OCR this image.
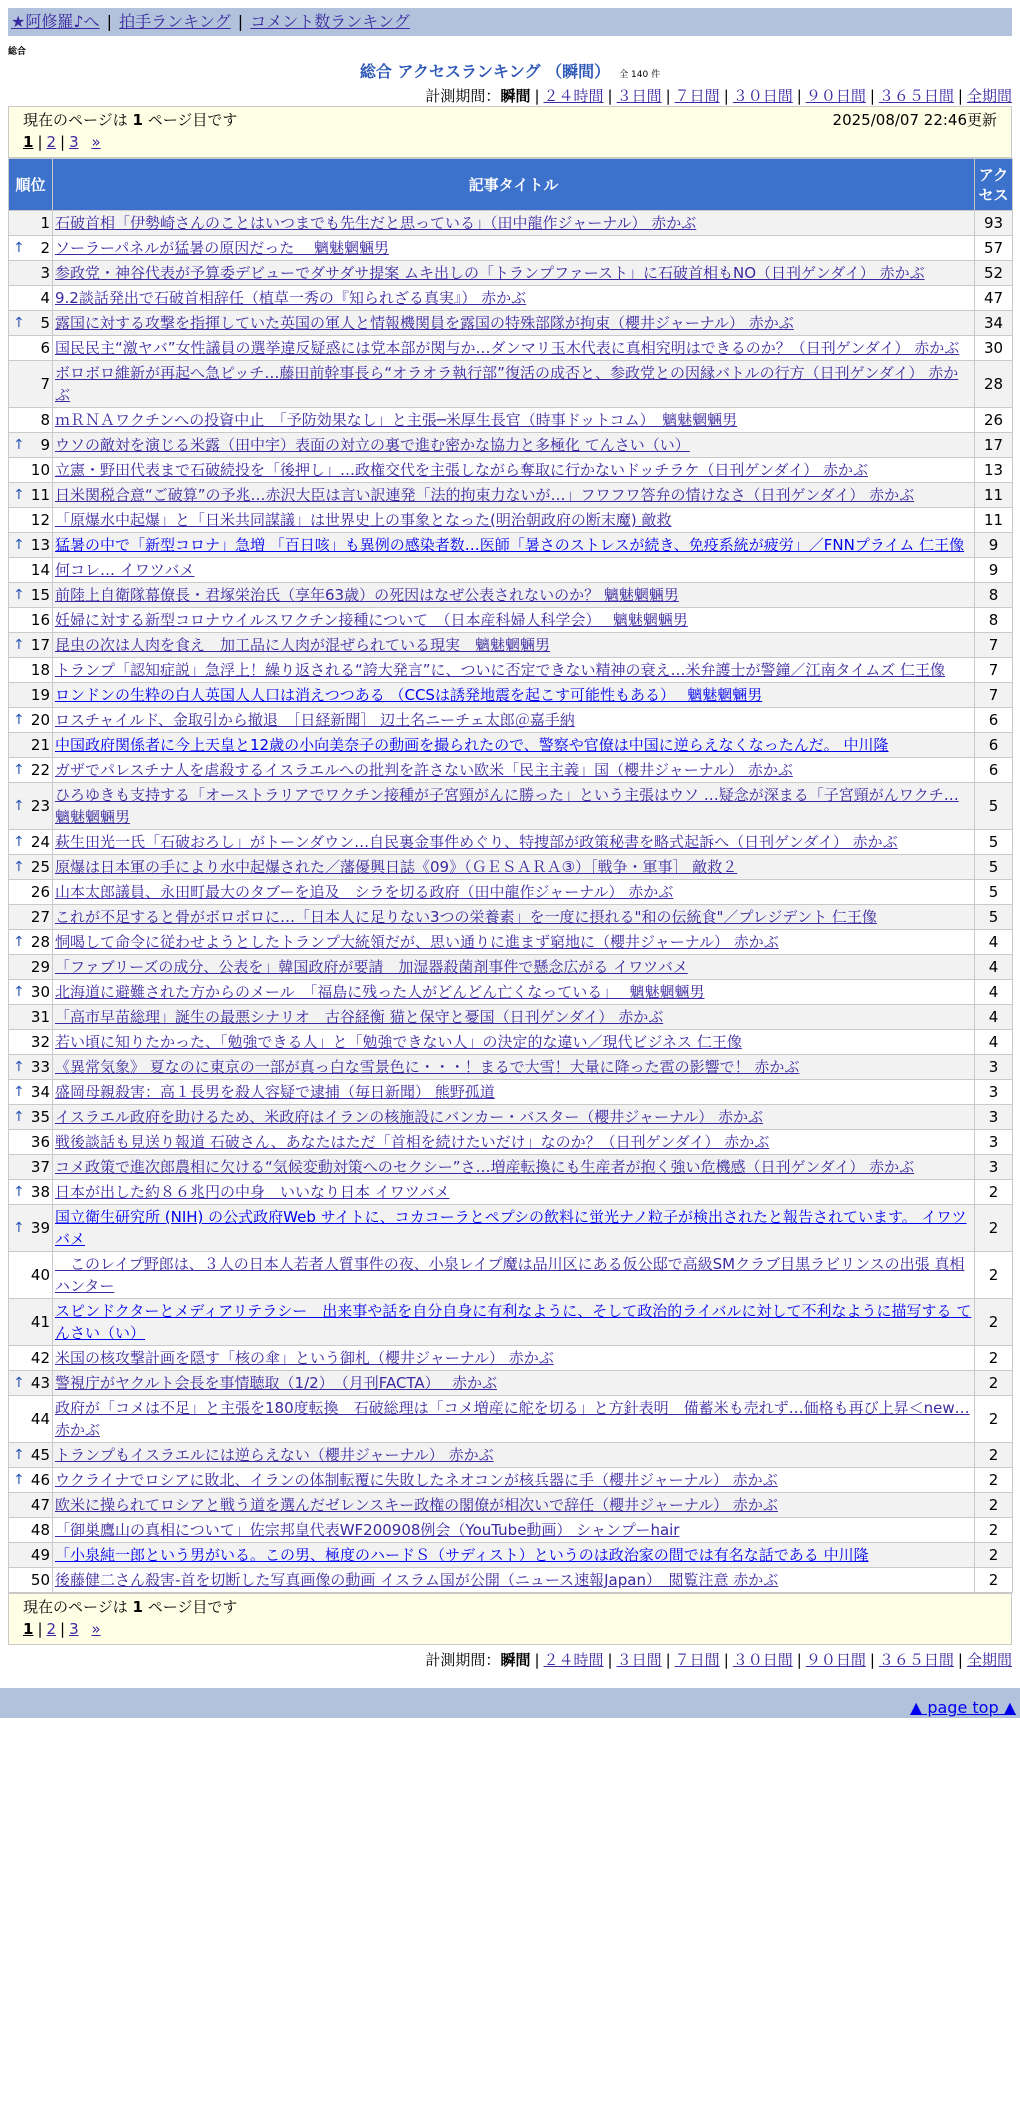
★阿修羅♪へ | 拍手ランキング | コメント数ランキング
総合
総合 アクセスランキング （瞬間） 全 140 件
計測期間：瞬間 | ２４時間 | ３日間 | ７日間 | ３０日間 | ９０日間 | ３６５日間 | 全期間
現在のページは 1 ページ目です	2025/08/07 22:46更新
1 | 2 | 3 »
順位	記事タイトル	アクセス
1	石破首相「伊勢崎さんのことはいつまでも先生だと思っている」（田中龍作ジャーナル） 赤かぶ	93

↑ 2	ソーラーパネルが猛暑の原因だった　 魑魅魍魎男	57
3	参政党・神谷代表が予算委デビューでダサダサ提案 ムキ出しの「トランプファースト」に石破首相もNO（日刊ゲンダイ） 赤かぶ	52
4	9.2談話発出で石破首相辞任（植草一秀の『知られざる真実』） 赤かぶ	47

↑ 5	露国に対する攻撃を指揮していた英国の軍人と情報機関員を露国の特殊部隊が拘束（櫻井ジャーナル） 赤かぶ	34
6	国民民主“激ヤバ”女性議員の選挙違反疑惑には党本部が関与か…ダンマリ玉木代表に真相究明はできるのか？（日刊ゲンダイ） 赤かぶ	30
7	ボロボロ維新が再起へ急ピッチ…藤田前幹事長ら“オラオラ執行部”復活の成否と、参政党との因縁バトルの行方（日刊ゲンダイ） 赤かぶ	28
8	ｍＲＮＡワクチンへの投資中止　「予防効果なし」と主張─米厚生長官（時事ドットコム）　魑魅魍魎男	26

↑ 9	ウソの敵対を演じる米露（田中宇）表面の対立の裏で進む密かな協力と多極化 てんさい（い）	17
10	立憲・野田代表まで石破続投を「後押し」…政権交代を主張しながら奪取に行かないドッチラケ（日刊ゲンダイ） 赤かぶ	13

↑ 11	日米関税合意“ご破算”の予兆…赤沢大臣は言い訳連発「法的拘束力ないが…」フワフワ答弁の情けなさ（日刊ゲンダイ） 赤かぶ	11
12	「原爆水中起爆」と「日米共同謀議」は世界史上の事象となった(明治朝政府の断末魔) 敵救	11

↑ 13	猛暑の中で「新型コロナ」急増 「百日咳」も異例の感染者数…医師「暑さのストレスが続き、免疫系統が疲労」／FNNプライム 仁王像	9
14	何コレ… イワツバメ	9

↑ 15	前陸上自衛隊幕僚長・君塚栄治氏（享年63歳）の死因はなぜ公表されないのか？ 魑魅魍魎男	8
16	妊婦に対する新型コロナウイルスワクチン接種について　（日本産科婦人科学会）　 魑魅魍魎男	8

↑ 17	昆虫の次は人肉を食え　加工品に人肉が混ぜられている現実　魑魅魍魎男	7
18	トランプ「認知症説」急浮上！繰り返される“誇大発言”に、ついに否定できない精神の衰え…米弁護士が警鐘／江南タイムズ 仁王像	7
19	ロンドンの生粋の白人英国人人口は消えつつある （CCSは誘発地震を起こす可能性もある）　 魑魅魍魎男	7

↑ 20	ロスチャイルド、金取引から撤退　［日経新聞］ 辺土名ニーチェ太郎＠嘉手納	6
21	中国政府関係者に今上天皇と12歳の小向美奈子の動画を撮られたので、警察や官僚は中国に逆らえなくなったんだ。 中川隆	6

↑ 22	ガザでパレスチナ人を虐殺するイスラエルへの批判を許さない欧米「民主主義」国（櫻井ジャーナル） 赤かぶ	6

↑ 23	ひろゆきも支持する「オーストラリアでワクチン接種が子宮頸がんに勝った」という主張はウソ …疑念が深まる「子宮頸がんワクチ… 魑魅魍魎男	5

↑ 24	萩生田光一氏「石破おろし」がトーンダウン…自民裏金事件めぐり、特捜部が政策秘書を略式起訴へ（日刊ゲンダイ） 赤かぶ	5

↑ 25	原爆は日本軍の手により水中起爆された／藩優興日誌《09》（ＧＥＳＡＲＡ③）［戦争・軍事］ 敵救２	5
26	山本太郎議員、永田町最大のタブーを追及　シラを切る政府（田中龍作ジャーナル） 赤かぶ	5
27	これが不足すると骨がボロボロに…「日本人に足りない3つの栄養素」を一度に摂れる"和の伝統食"／プレジデント 仁王像	5

↑ 28	恫喝して命令に従わせようとしたトランプ大統領だが、思い通りに進まず窮地に（櫻井ジャーナル） 赤かぶ	4
29	「ファブリーズの成分、公表を」韓国政府が要請　加湿器殺菌剤事件で懸念広がる イワツバメ	4

↑ 30	北海道に避難された方からのメール　「福島に残った人がどんどん亡くなっている」　 魑魅魍魎男	4
31	「高市早苗総理」誕生の最悪シナリオ　古谷経衡 猫と保守と憂国（日刊ゲンダイ） 赤かぶ	4
32	若い頃に知りたかった、「勉強できる人」と「勉強できない人」の決定的な違い／現代ビジネス 仁王像	4

↑ 33	《異常気象》 夏なのに東京の一部が真っ白な雪景色に・・・！まるで大雪！大量に降った雹の影響で！ 赤かぶ	3

↑ 34	盛岡母親殺害：高１長男を殺人容疑で逮捕（毎日新聞） 熊野孤道	3

↑ 35	イスラエル政府を助けるため、米政府はイランの核施設にバンカー・バスター（櫻井ジャーナル） 赤かぶ	3
36	戦後談話も見送り報道 石破さん、あなたはただ「首相を続けたいだけ」なのか？（日刊ゲンダイ） 赤かぶ	3
37	コメ政策で進次郎農相に欠ける“気候変動対策へのセクシー”さ…増産転換にも生産者が抱く強い危機感（日刊ゲンダイ） 赤かぶ	3

↑ 38	日本が出した約８６兆円の中身　いいなり日本 イワツバメ	2

↑ 39	国立衛生研究所 (NIH) の公式政府Web サイトに、コカコーラとペプシの飲料に蛍光ナノ粒子が検出されたと報告されています。 イワツバメ	2
40	　このレイプ野郎は、３人の日本人若者人質事件の夜、小泉レイプ魔は品川区にある仮公邸で高級SMクラブ目黒ラビリンスの出張 真相ハンター	2
41	スピンドクターとメディアリテラシー　出来事や話を自分自身に有利なように、そして政治的ライバルに対して不利なように描写する てんさい（い）	2
42	米国の核攻撃計画を隠す「核の傘」という御札（櫻井ジャーナル） 赤かぶ	2

↑ 43	警視庁がヤクルト会長を事情聴取（1/2）　（月刊FACTA）　 赤かぶ	2
44	政府が「コメは不足」と主張を180度転換　石破総理は「コメ増産に舵を切る」と方針表明　備蓄米も売れず…価格も再び上昇＜new… 赤かぶ	2

↑ 45	トランプもイスラエルには逆らえない（櫻井ジャーナル） 赤かぶ	2

↑ 46	ウクライナでロシアに敗北、イランの体制転覆に失敗したネオコンが核兵器に手（櫻井ジャーナル） 赤かぶ	2
47	欧米に操られてロシアと戦う道を選んだゼレンスキー政権の閣僚が相次いで辞任（櫻井ジャーナル） 赤かぶ	2
48	「御巣鷹山の真相について」佐宗邦皇代表WF200908例会（YouTube動画） シャンプーhair	2
49	「小泉純一郎という男がいる。この男、極度のハードＳ（サディスト）というのは政治家の間では有名な話である 中川隆	2
50	後藤健二さん殺害-首を切断した写真画像の動画 イスラム国が公開（ニュース速報Japan）　閲覧注意 赤かぶ	2
現在のページは 1 ページ目です
1 | 2 | 3 »
計測期間：瞬間 | ２４時間 | ３日間 | ７日間 | ３０日間 | ９０日間 | ３６５日間 | 全期間
▲ page top ▲
